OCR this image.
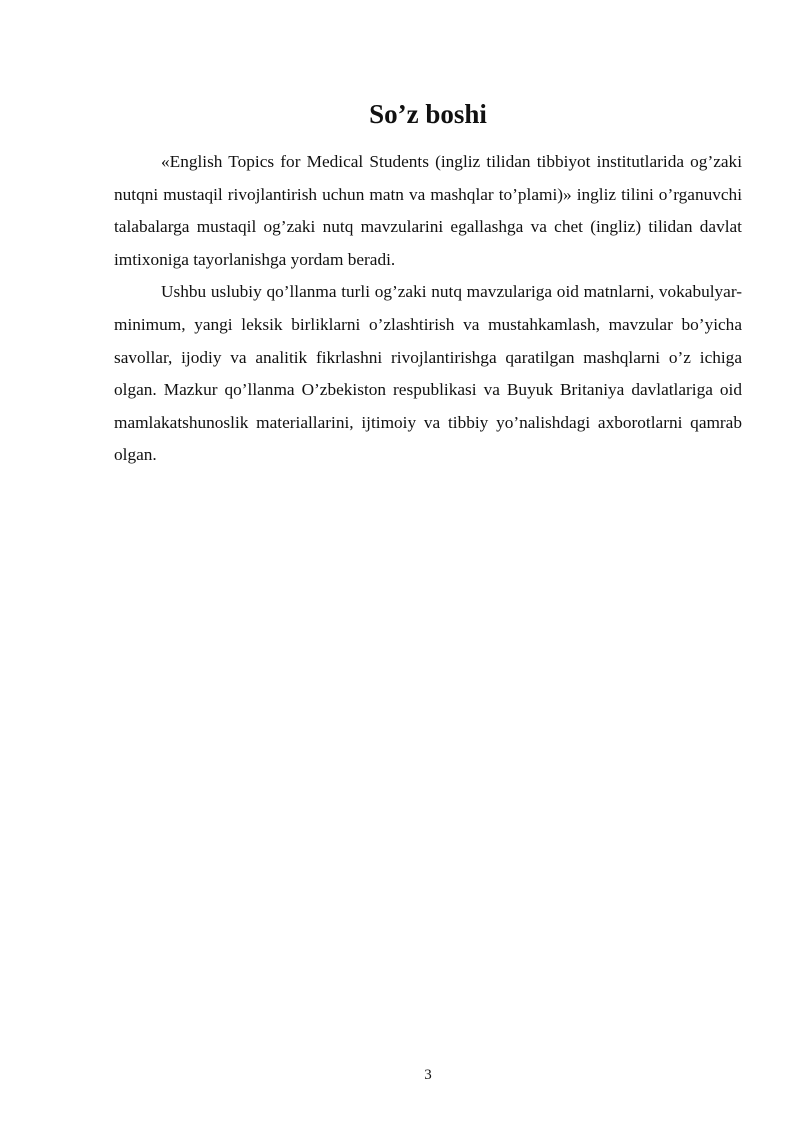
So’z boshi

«English Topics for Medical Students (ingliz tilidan tibbiyot institutlarida og’zaki nutqni mustaqil rivojlantirish uchun matn va mashqlar to’plami)» ingliz tilini o’rganuvchi talabalarga mustaqil og’zaki nutq mavzularini egallashga va chet (ingliz) tilidan davlat imtixoniga tayorlanishga yordam beradi.

Ushbu uslubiy qo’llanma turli og’zaki nutq mavzulariga oid matnlarni, vokabulyar-minimum, yangi leksik birliklarni o’zlashtirish va mustahkamlash, mavzular bo’yicha savollar, ijodiy va analitik fikrlashni rivojlantirishga qaratilgan mashqlarni o’z ichiga olgan. Mazkur qo’llanma O’zbekiston respublikasi va Buyuk Britaniya davlatlariga oid mamlakatshunoslik materiallarini, ijtimoiy va tibbiy yo’nalishdagi axborotlarni qamrab olgan.

3
